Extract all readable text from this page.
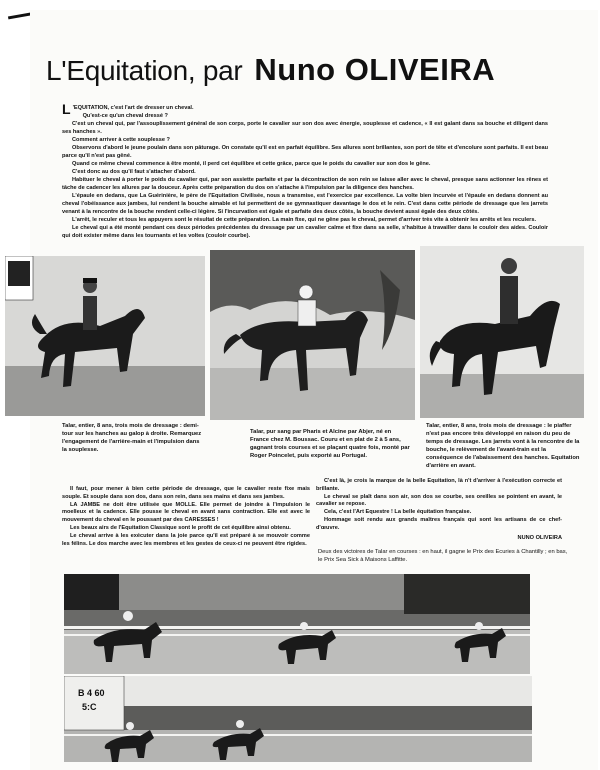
L'Equitation, par Nuno OLIVEIRA

L 'EQUITATION, c'est l'art de dresser un cheval.

Qu'est-ce qu'un cheval dressé ?

C'est un cheval qui, par l'assouplissement général de son corps, porte le cavalier sur son dos avec énergie, souplesse et cadence, « Il est galant dans sa bouche et diligent dans ses hanches ».

Comment arriver à cette souplesse ?

Observons d'abord le jeune poulain dans son pâturage. On constate qu'il est en parfait équilibre. Ses allures sont brillantes, son port de tête et d'encolure sont parfaits. Il est beau parce qu'il n'est pas gêné.

Quand ce même cheval commence à être monté, il perd cet équilibre et cette grâce, parce que le poids du cavalier sur son dos le gêne.

C'est donc au dos qu'il faut s'attacher d'abord.

Habituer le cheval à porter le poids du cavalier qui, par son assiette parfaite et par la décontraction de son rein se laisse aller avec le cheval, presque sans actionner les rênes et tâche de cadencer les allures par la douceur. Après cette préparation du dos on s'attache à l'impulsion par la diligence des hanches.

L'épaule en dedans, que La Guérinière, le père de l'Equitation Civilisée, nous a transmise, est l'exercice par excellence. La volte bien incurvée et l'épaule en dedans donnent au cheval l'obéissance aux jambes, lui rendent la bouche aimable et lui permettent de se gymnastiquer davantage le dos et le rein. C'est dans cette période de dressage que les jarrets venant à la rencontre de la bouche rendent celle-ci légère. Si l'incurvation est égale et parfaite des deux côtés, la bouche devient aussi égale des deux côtés.

L'arrêt, le reculer et tous les appuyers sont le résultat de cette préparation. La main fixe, qui ne gêne pas le cheval, permet d'arriver très vite à obtenir les arrêts et les reculers.

Le cheval qui a été monté pendant ces deux périodes précédentes du dressage par un cavalier calme et fixe dans sa selle, s'habitue à travailler dans le couloir des aides. Couloir qui doit exister même dans les tournants et les voltes (couloir courbe).

Talar, entier, 8 ans, trois mois de dressage : demi-tour sur les hanches au galop à droite. Remarquez l'engagement de l'arrière-main et l'impulsion dans la souplesse.
Talar, pur sang par Pharis et Alcine par Abjer, né en France chez M. Boussac. Couru et en plat de 2 à 5 ans, gagnant trois courses et se plaçant quatre fois, monté par Roger Poincelet, puis exporté au Portugal.
Talar, entier, 8 ans, trois mois de dressage : le piaffer n'est pas encore très développé en raison du peu de temps de dressage. Les jarrets vont à la rencontre de la bouche, le relèvement de l'avant-train est la conséquence de l'abaissement des hanches. Equitation d'arrière en avant.

Il faut, pour mener à bien cette période de dressage, que le cavalier reste fixe mais souple. Et souple dans son dos, dans son rein, dans ses mains et dans ses jambes.

LA JAMBE ne doit être utilisée que MOLLE. Elle permet de joindre à l'impulsion le moelleux et la cadence. Elle pousse le cheval en avant sans contraction. Elle est avec le mouvement du cheval en le poussant par des CARESSES !

Les beaux airs de l'Equitation Classique sont le profit de cet équilibre ainsi obtenu.

Le cheval arrive à les exécuter dans la joie parce qu'il est préparé à se mouvoir comme les félins. Le dos marche avec les membres et les gestes de ceux-ci ne peuvent être rigides.

C'est là, je crois la marque de la belle Equitation, là n't d'arriver à l'exécution correcte et brillante.

Le cheval se plaît dans son air, son dos se courbe, ses oreilles se pointent en avant, le cavalier se repose.

Cela, c'est l'Art Equestre ! La belle équitation française.

Hommage soit rendu aux grands maîtres français qui sont les artisans de ce chef-d'œuvre.

NUNO OLIVEIRA
Deux des victoires de Talar en courses : en haut, il gagne le Prix des Ecuries à Chantilly ; en bas, le Prix Sea Sick à Maisons Laffitte.
B 4 60
5:C
